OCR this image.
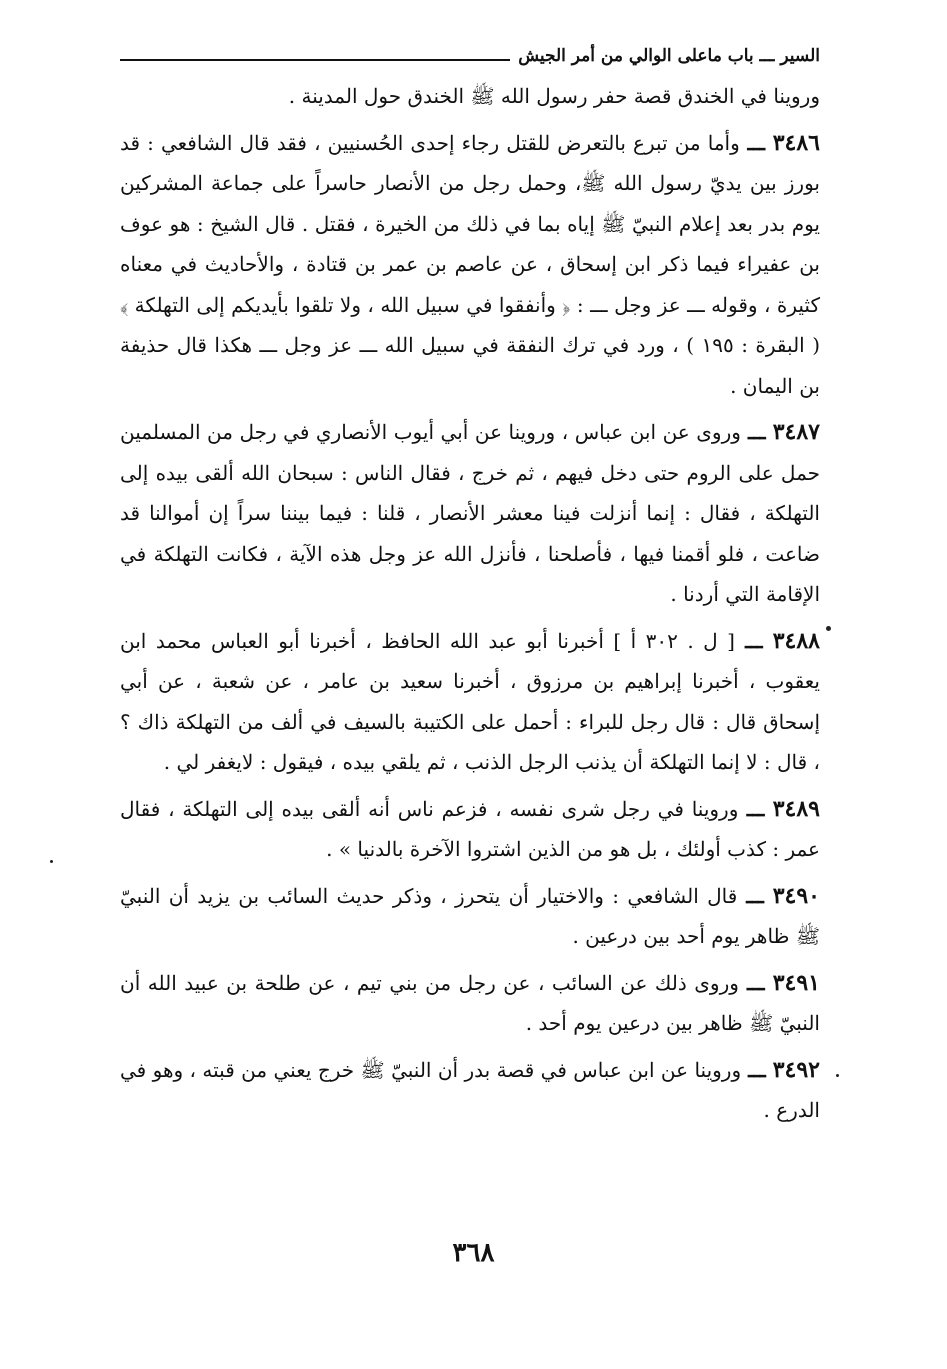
السير ـــ باب ماعلى الوالي من أمر الجيش

وروينا في الخندق قصة حفر رسول الله ﷺ الخندق حول المدينة .

٣٤٨٦ ـــ وأما من تبرع بالتعرض للقتل رجاء إحدى الحُسنيين ، فقد قال الشافعي : قد بورز بين يديّ رسول الله ﷺ، وحمل رجل من الأنصار حاسراً على جماعة المشركين يوم بدر بعد إعلام النبيّ ﷺ إياه بما في ذلك من الخيرة ، فقتل . قال الشيخ : هو عوف بن عفيراء فيما ذكر ابن إسحاق ، عن عاصم بن عمر بن قتادة ، والأحاديث في معناه كثيرة ، وقوله ـــ عز وجل ـــ : ﴿ وأنفقوا في سبيل الله ، ولا تلقوا بأيديكم إلى التهلكة ﴾ ( البقرة : ١٩٥ ) ، ورد في ترك النفقة في سبيل الله ـــ عز وجل ـــ هكذا قال حذيفة بن اليمان .

٣٤٨٧ ـــ وروى عن ابن عباس ، وروينا عن أبي أيوب الأنصاري في رجل من المسلمين حمل على الروم حتى دخل فيهم ، ثم خرج ، فقال الناس : سبحان الله ألقى بيده إلى التهلكة ، فقال : إنما أنزلت فينا معشر الأنصار ، قلنا : فيما بيننا سراً إن أموالنا قد ضاعت ، فلو أقمنا فيها ، فأصلحنا ، فأنزل الله عز وجل هذه الآية ، فكانت التهلكة في الإقامة التي أردنا .

٣٤٨٨ ـــ [ ل . ٣٠٢ أ ] أخبرنا أبو عبد الله الحافظ ، أخبرنا أبو العباس محمد ابن يعقوب ، أخبرنا إبراهيم بن مرزوق ، أخبرنا سعيد بن عامر ، عن شعبة ، عن أبي إسحاق قال : قال رجل للبراء : أحمل على الكتيبة بالسيف في ألف من التهلكة ذاك ؟ ، قال : لا إنما التهلكة أن يذنب الرجل الذنب ، ثم يلقي بيده ، فيقول : لايغفر لي .

٣٤٨٩ ـــ وروينا في رجل شرى نفسه ، فزعم ناس أنه ألقى بيده إلى التهلكة ، فقال عمر : كذب أولئك ، بل هو من الذين اشتروا الآخرة بالدنيا » .

٣٤٩٠ ـــ قال الشافعي : والاختيار أن يتحرز ، وذكر حديث السائب بن يزيد أن النبيّ ﷺ ظاهر يوم أحد بين درعين .

٣٤٩١ ـــ وروى ذلك عن السائب ، عن رجل من بني تيم ، عن طلحة بن عبيد الله أن النبيّ ﷺ ظاهر بين درعين يوم أحد .

٣٤٩٢ ـــ وروينا عن ابن عباس في قصة بدر أن النبيّ ﷺ خرج يعني من قبته ، وهو في الدرع .

٣٦٨
